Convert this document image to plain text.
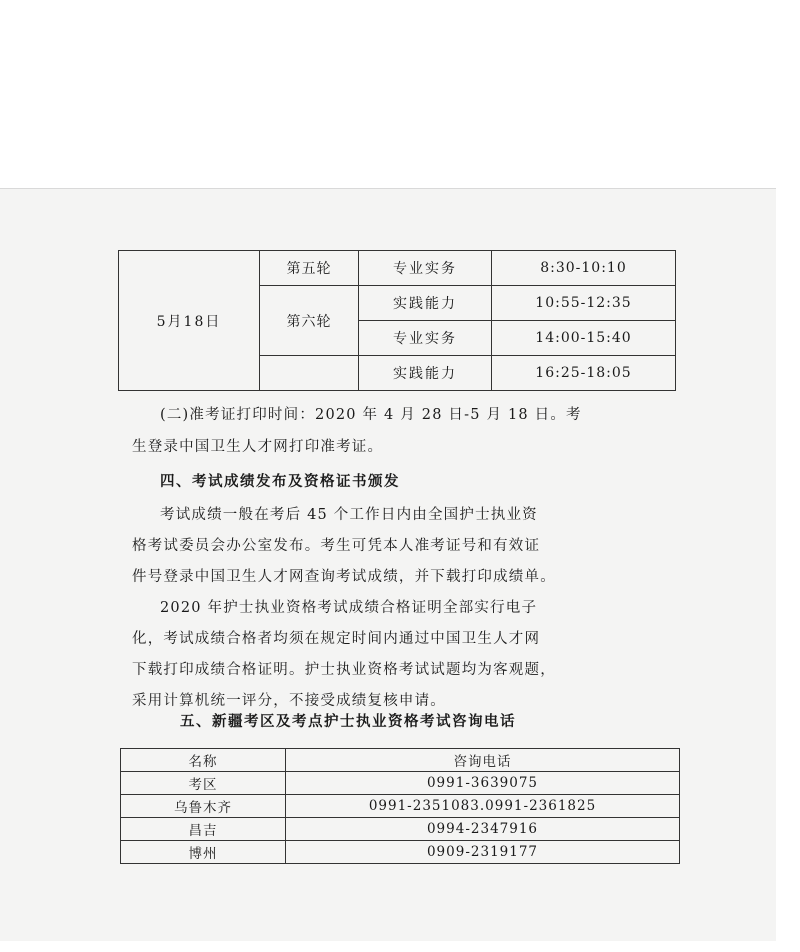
5月18日	第五轮	专业实务	8:30-10:10
	第六轮	实践能力	10:55-12:35
		专业实务	14:00-15:40
		实践能力	16:25-18:05

(二)准考证打印时间：2020 年 4 月 28 日-5 月 18 日。考

生登录中国卫生人才网打印准考证。

四、考试成绩发布及资格证书颁发

考试成绩一般在考后 45 个工作日内由全国护士执业资

格考试委员会办公室发布。考生可凭本人准考证号和有效证

件号登录中国卫生人才网查询考试成绩，并下载打印成绩单。

2020 年护士执业资格考试成绩合格证明全部实行电子

化，考试成绩合格者均须在规定时间内通过中国卫生人才网

下载打印成绩合格证明。护士执业资格考试试题均为客观题，

采用计算机统一评分，不接受成绩复核申请。

五、新疆考区及考点护士执业资格考试咨询电话
名称	咨询电话
考区	0991-3639075
乌鲁木齐	0991-2351083.0991-2361825
昌吉	0994-2347916
博州	0909-2319177
